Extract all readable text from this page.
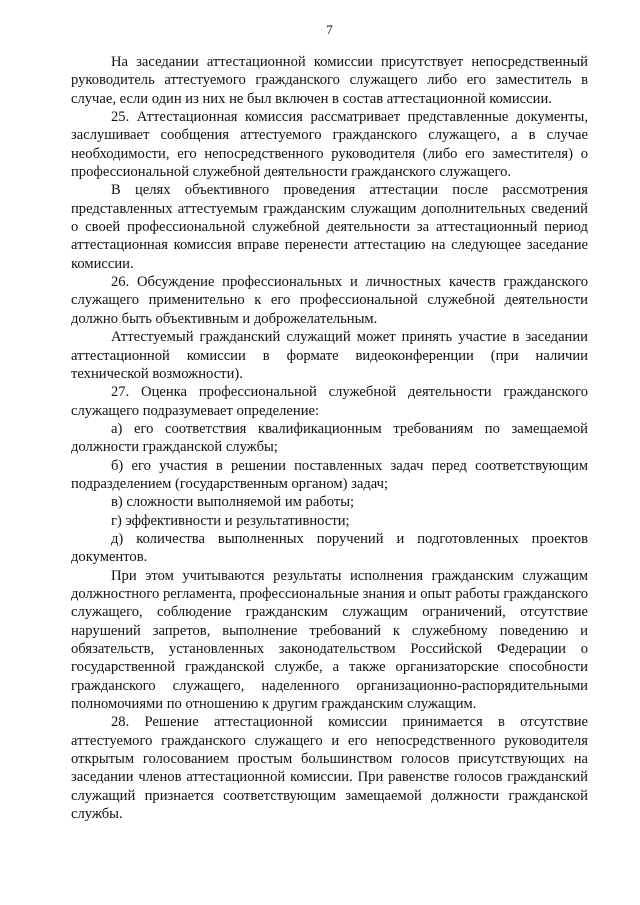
7

На заседании аттестационной комиссии присутствует непосредственный руководитель аттестуемого гражданского служащего либо его заместитель в случае, если один из них не был включен в состав аттестационной комиссии.

25. Аттестационная комиссия рассматривает представленные документы, заслушивает сообщения аттестуемого гражданского служащего, а в случае необходимости, его непосредственного руководителя (либо его заместителя) о профессиональной служебной деятельности гражданского служащего.

В целях объективного проведения аттестации после рассмотрения представленных аттестуемым гражданским служащим дополнительных сведений о своей профессиональной служебной деятельности за аттестационный период аттестационная комиссия вправе перенести аттестацию на следующее заседание комиссии.

26. Обсуждение профессиональных и личностных качеств гражданского служащего применительно к его профессиональной служебной деятельности должно быть объективным и доброжелательным.

Аттестуемый гражданский служащий может принять участие в заседании аттестационной комиссии в формате видеоконференции (при наличии технической возможности).

27. Оценка профессиональной служебной деятельности гражданского служащего подразумевает определение:

а) его соответствия квалификационным требованиям по замещаемой должности гражданской службы;

б) его участия в решении поставленных задач перед соответствующим подразделением (государственным органом) задач;

в) сложности выполняемой им работы;

г) эффективности и результативности;

д) количества выполненных поручений и подготовленных проектов документов.

При этом учитываются результаты исполнения гражданским служащим должностного регламента, профессиональные знания и опыт работы гражданского служащего, соблюдение гражданским служащим ограничений, отсутствие нарушений запретов, выполнение требований к служебному поведению и обязательств, установленных законодательством Российской Федерации о государственной гражданской службе, а также организаторские способности гражданского служащего, наделенного организационно-распорядительными полномочиями по отношению к другим гражданским служащим.

28. Решение аттестационной комиссии принимается в отсутствие аттестуемого гражданского служащего и его непосредственного руководителя открытым голосованием простым большинством голосов присутствующих на заседании членов аттестационной комиссии. При равенстве голосов гражданский служащий признается соответствующим замещаемой должности гражданской службы.
